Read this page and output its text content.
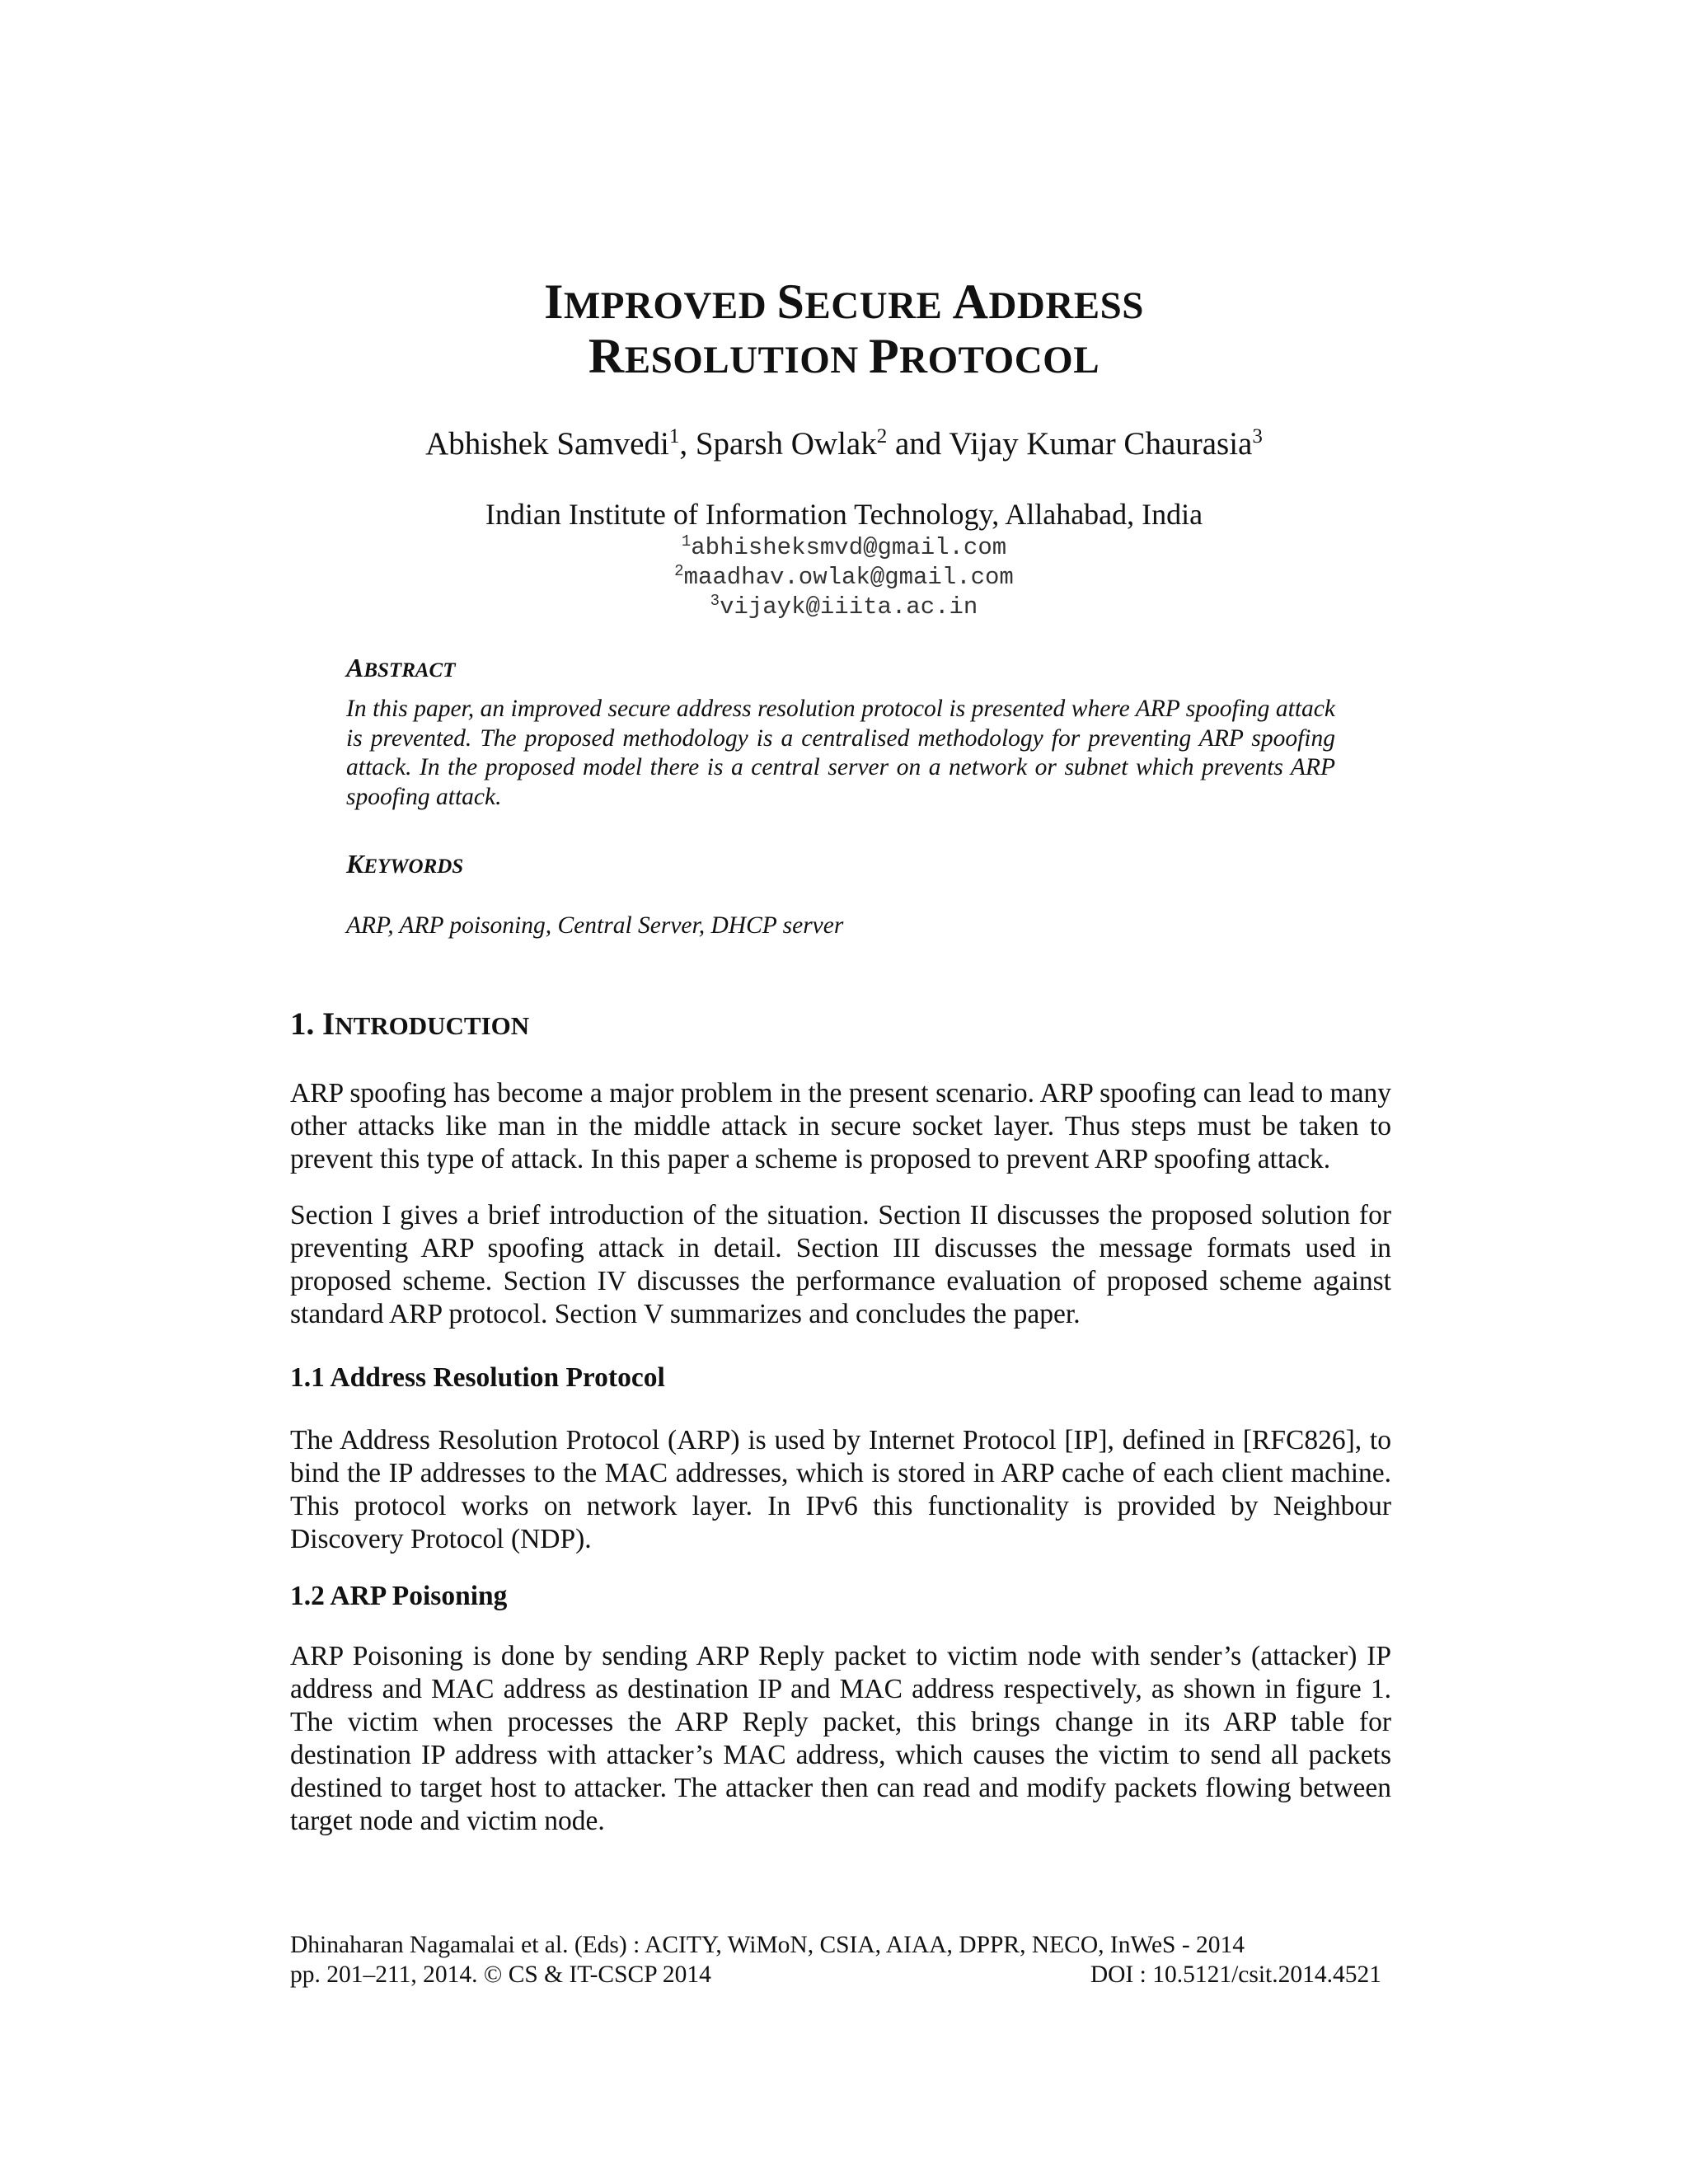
IMPROVED SECURE ADDRESS
RESOLUTION PROTOCOL
Abhishek Samvedi$^1$, Sparsh Owlak$^2$ and Vijay Kumar Chaurasia$^3$
Indian Institute of Information Technology, Allahabad, India
$^1$abhisheksmvd@gmail.com
$^2$maadhav.owlak@gmail.com
$^3$vijayk@iiita.ac.in
ABSTRACT
In this paper, an improved secure address resolution protocol is presented where ARP spoofing attack is prevented. The proposed methodology is a centralised methodology for preventing ARP spoofing attack. In the proposed model there is a central server on a network or subnet which prevents ARP spoofing attack.
KEYWORDS
ARP, ARP poisoning, Central Server, DHCP server
1. INTRODUCTION
ARP spoofing has become a major problem in the present scenario. ARP spoofing can lead to many other attacks like man in the middle attack in secure socket layer. Thus steps must be taken to prevent this type of attack. In this paper a scheme is proposed to prevent ARP spoofing attack.
Section I gives a brief introduction of the situation. Section II discusses the proposed solution for preventing ARP spoofing attack in detail. Section III discusses the message formats used in proposed scheme. Section IV discusses the performance evaluation of proposed scheme against standard ARP protocol. Section V summarizes and concludes the paper.
1.1 Address Resolution Protocol
The Address Resolution Protocol (ARP) is used by Internet Protocol [IP], defined in [RFC826], to bind the IP addresses to the MAC addresses, which is stored in ARP cache of each client machine. This protocol works on network layer. In IPv6 this functionality is provided by Neighbour Discovery Protocol (NDP).
1.2 ARP Poisoning
ARP Poisoning is done by sending ARP Reply packet to victim node with sender’s (attacker) IP address and MAC address as destination IP and MAC address respectively, as shown in figure 1. The victim when processes the ARP Reply packet, this brings change in its ARP table for destination IP address with attacker’s MAC address, which causes the victim to send all packets destined to target host to attacker. The attacker then can read and modify packets flowing between target node and victim node.
Dhinaharan Nagamalai et al. (Eds) : ACITY, WiMoN, CSIA, AIAA, DPPR, NECO, InWeS - 2014
pp. 201–211, 2014. © CS & IT-CSCP 2014	DOI : 10.5121/csit.2014.4521
